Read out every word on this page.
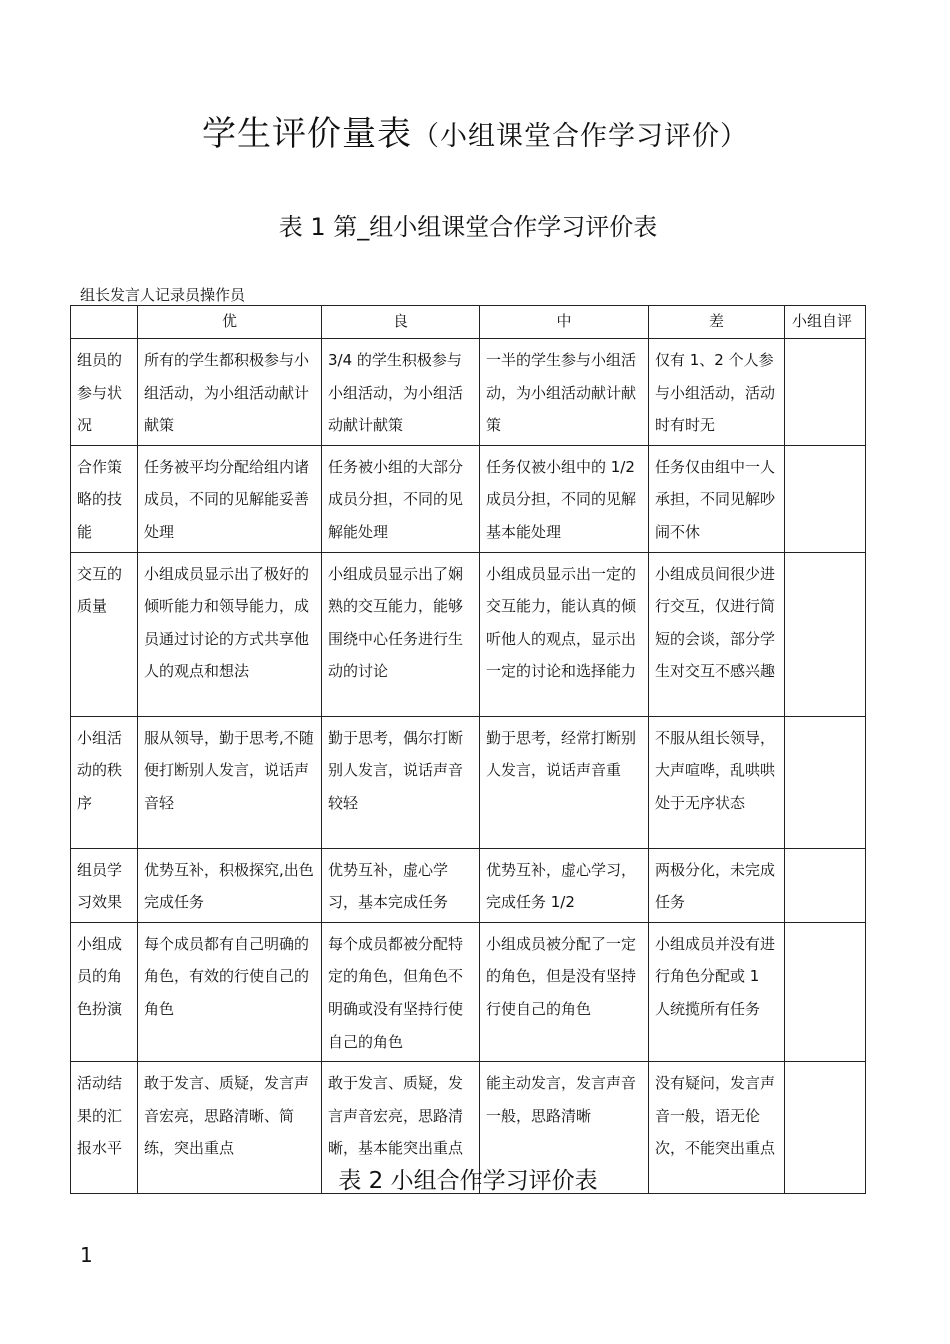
学生评价量表（小组课堂合作学习评价）
表 1 第_组小组课堂合作学习评价表
组长发言人记录员操作员
	优	良	中	差	小组自评
组员的参与状况	所有的学生都积极参与小组活动，为小组活动献计献策	3/4 的学生积极参与小组活动，为小组活动献计献策	一半的学生参与小组活动，为小组活动献计献策	仅有 1、2 个人参与小组活动，活动时有时无	
合作策略的技能	任务被平均分配给组内诸成员，不同的见解能妥善处理	任务被小组的大部分成员分担，不同的见解能处理	任务仅被小组中的 1/2 成员分担，不同的见解基本能处理	任务仅由组中一人承担，不同见解吵闹不休	
交互的质量	小组成员显示出了极好的倾听能力和领导能力，成员通过讨论的方式共享他人的观点和想法	小组成员显示出了娴熟的交互能力，能够围绕中心任务进行生动的讨论	小组成员显示出一定的交互能力，能认真的倾听他人的观点，显示出一定的讨论和选择能力	小组成员间很少进行交互，仅进行简短的会谈，部分学生对交互不感兴趣	
小组活动的秩序	服从领导，勤于思考,不随便打断别人发言，说话声音轻	勤于思考，偶尔打断别人发言，说话声音较轻	勤于思考，经常打断别人发言，说话声音重	不服从组长领导，大声喧哗，乱哄哄处于无序状态	
组员学习效果	优势互补，积极探究,出色完成任务	优势互补，虚心学习，基本完成任务	优势互补，虚心学习，完成任务 1/2	两极分化，未完成任务	
小组成员的角色扮演	每个成员都有自己明确的角色，有效的行使自己的角色	每个成员都被分配特定的角色，但角色不明确或没有坚持行使自己的角色	小组成员被分配了一定的角色，但是没有坚持行使自己的角色	小组成员并没有进行角色分配或 1 人统揽所有任务	
活动结果的汇报水平	敢于发言、质疑，发言声音宏亮，思路清晰、简练，突出重点	敢于发言、质疑，发言声音宏亮，思路清晰，基本能突出重点	能主动发言，发言声音一般，思路清晰	没有疑问，发言声音一般，语无伦次，不能突出重点	
表 2 小组合作学习评价表
1
